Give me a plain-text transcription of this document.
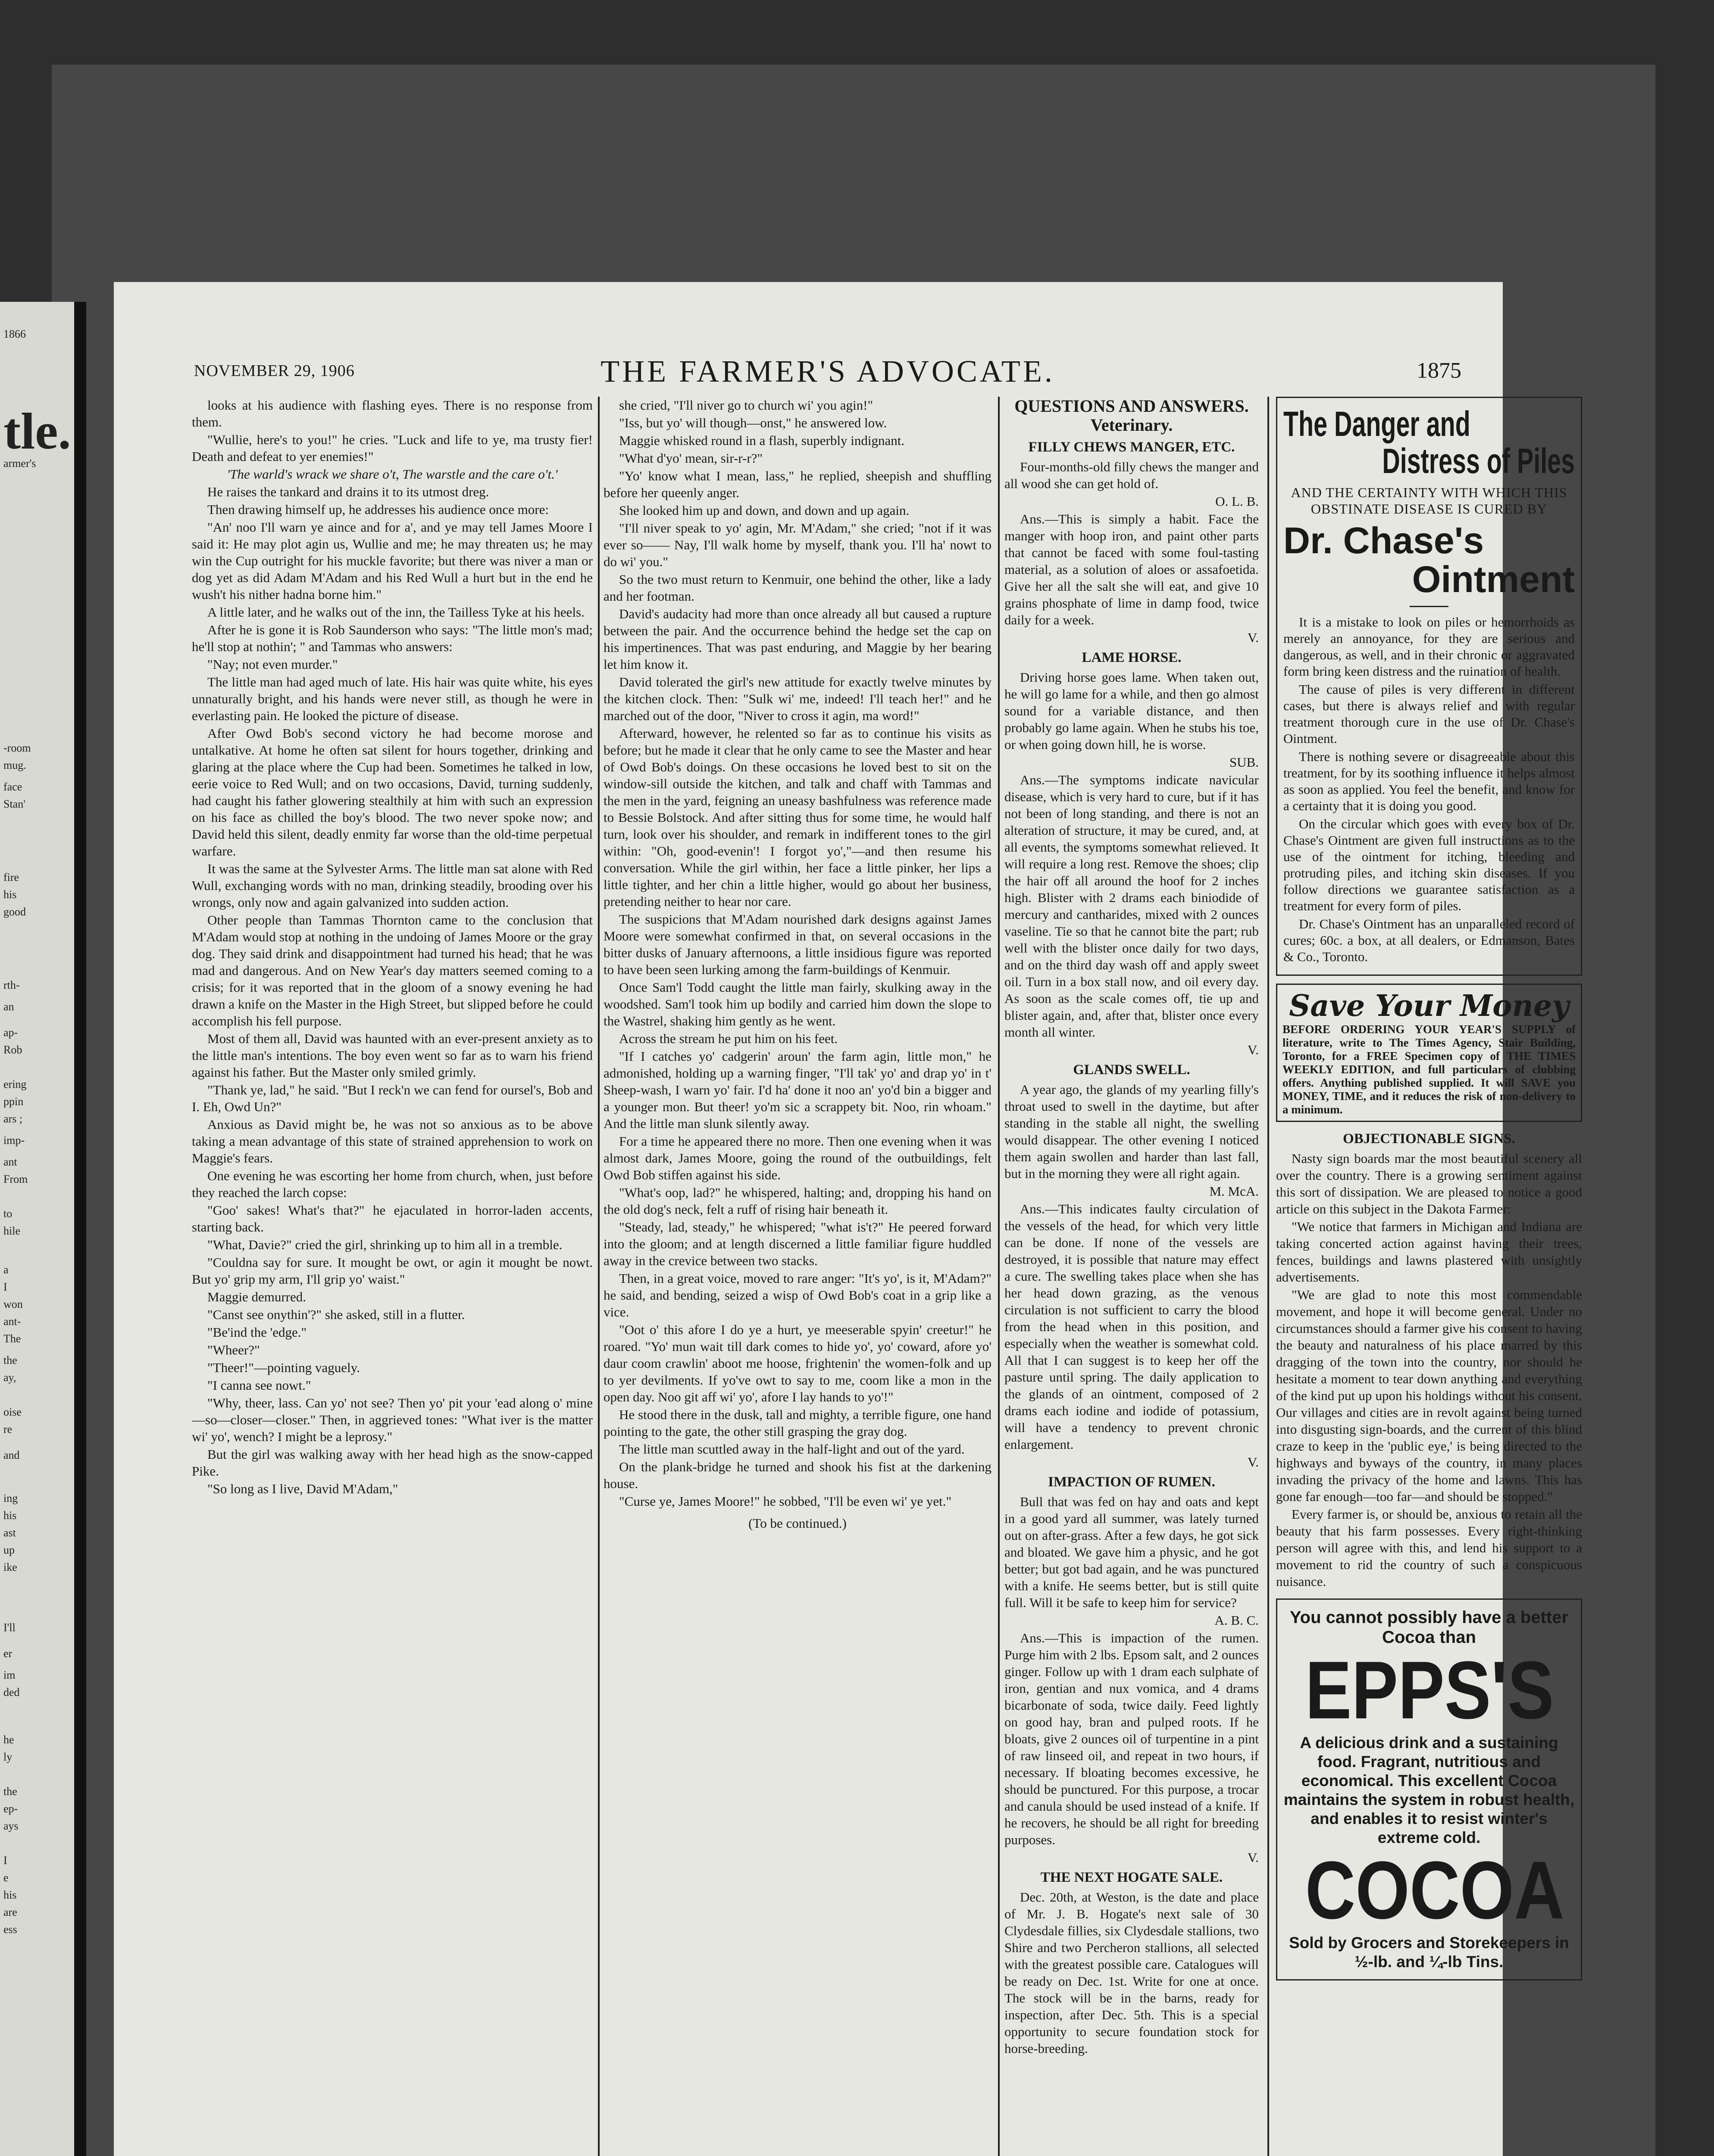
1866
tle.
armer's
-room
mug.
face
Stan'
fire
his
good
rth-
an
ap-
Rob
ering
ppin
ars ;
imp-
ant
From
to
hile
a
I
won
ant-
The
the
ay,
oise
re
and
ing
his
ast
up
ike
I'll
er
im
ded
he
ly
the
ep-
ays
I
e
his
are
ess
NOVEMBER 29, 1906	THE FARMER'S ADVOCATE.	1875

looks at his audience with flashing eyes. There is no response from them.

"Wullie, here's to you!" he cries. "Luck and life to ye, ma trusty fier! Death and defeat to yer enemies!"

'The warld's wrack we share o't, The warstle and the care o't.'

He raises the tankard and drains it to its utmost dreg.

Then drawing himself up, he addresses his audience once more:

"An' noo I'll warn ye aince and for a', and ye may tell James Moore I said it: He may plot agin us, Wullie and me; he may threaten us; he may win the Cup outright for his muckle favorite; but there was niver a man or dog yet as did Adam M'Adam and his Red Wull a hurt but in the end he wush't his nither hadna borne him."

A little later, and he walks out of the inn, the Tailless Tyke at his heels.

After he is gone it is Rob Saunderson who says: "The little mon's mad; he'll stop at nothin'; " and Tammas who answers:

"Nay; not even murder."

The little man had aged much of late. His hair was quite white, his eyes unnaturally bright, and his hands were never still, as though he were in everlasting pain. He looked the picture of disease.

After Owd Bob's second victory he had become morose and untalkative. At home he often sat silent for hours together, drinking and glaring at the place where the Cup had been. Sometimes he talked in low, eerie voice to Red Wull; and on two occasions, David, turning suddenly, had caught his father glowering stealthily at him with such an expression on his face as chilled the boy's blood. The two never spoke now; and David held this silent, deadly enmity far worse than the old-time perpetual warfare.

It was the same at the Sylvester Arms. The little man sat alone with Red Wull, exchanging words with no man, drinking steadily, brooding over his wrongs, only now and again galvanized into sudden action.

Other people than Tammas Thornton came to the conclusion that M'Adam would stop at nothing in the undoing of James Moore or the gray dog. They said drink and disappointment had turned his head; that he was mad and dangerous. And on New Year's day matters seemed coming to a crisis; for it was reported that in the gloom of a snowy evening he had drawn a knife on the Master in the High Street, but slipped before he could accomplish his fell purpose.

Most of them all, David was haunted with an ever-present anxiety as to the little man's intentions. The boy even went so far as to warn his friend against his father. But the Master only smiled grimly.

"Thank ye, lad," he said. "But I reck'n we can fend for oursel's, Bob and I. Eh, Owd Un?"

Anxious as David might be, he was not so anxious as to be above taking a mean advantage of this state of strained apprehension to work on Maggie's fears.

One evening he was escorting her home from church, when, just before they reached the larch copse:

"Goo' sakes! What's that?" he ejaculated in horror-laden accents, starting back.

"What, Davie?" cried the girl, shrinking up to him all in a tremble.

"Couldna say for sure. It mought be owt, or agin it mought be nowt. But yo' grip my arm, I'll grip yo' waist."

Maggie demurred.

"Canst see onythin'?" she asked, still in a flutter.

"Be'ind the 'edge."

"Wheer?"

"Theer!"—pointing vaguely.

"I canna see nowt."

"Why, theer, lass. Can yo' not see? Then yo' pit your 'ead along o' mine—so—closer—closer." Then, in aggrieved tones: "What iver is the matter wi' yo', wench? I might be a leprosy."

But the girl was walking away with her head high as the snow-capped Pike.

"So long as I live, David M'Adam,"

she cried, "I'll niver go to church wi' you agin!"

"Iss, but yo' will though—onst," he answered low.

Maggie whisked round in a flash, superbly indignant.

"What d'yo' mean, sir-r-r?"

"Yo' know what I mean, lass," he replied, sheepish and shuffling before her queenly anger.

She looked him up and down, and down and up again.

"I'll niver speak to yo' agin, Mr. M'Adam," she cried; "not if it was ever so—— Nay, I'll walk home by myself, thank you. I'll ha' nowt to do wi' you."

So the two must return to Kenmuir, one behind the other, like a lady and her footman.

David's audacity had more than once already all but caused a rupture between the pair. And the occurrence behind the hedge set the cap on his impertinences. That was past enduring, and Maggie by her bearing let him know it.

David tolerated the girl's new attitude for exactly twelve minutes by the kitchen clock. Then: "Sulk wi' me, indeed! I'll teach her!" and he marched out of the door, "Niver to cross it agin, ma word!"

Afterward, however, he relented so far as to continue his visits as before; but he made it clear that he only came to see the Master and hear of Owd Bob's doings. On these occasions he loved best to sit on the window-sill outside the kitchen, and talk and chaff with Tammas and the men in the yard, feigning an uneasy bashfulness was reference made to Bessie Bolstock. And after sitting thus for some time, he would half turn, look over his shoulder, and remark in indifferent tones to the girl within: "Oh, good-evenin'! I forgot yo',"—and then resume his conversation. While the girl within, her face a little pinker, her lips a little tighter, and her chin a little higher, would go about her business, pretending neither to hear nor care.

The suspicions that M'Adam nourished dark designs against James Moore were somewhat confirmed in that, on several occasions in the bitter dusks of January afternoons, a little insidious figure was reported to have been seen lurking among the farm-buildings of Kenmuir.

Once Sam'l Todd caught the little man fairly, skulking away in the woodshed. Sam'l took him up bodily and carried him down the slope to the Wastrel, shaking him gently as he went.

Across the stream he put him on his feet.

"If I catches yo' cadgerin' aroun' the farm agin, little mon," he admonished, holding up a warning finger, "I'll tak' yo' and drap yo' in t' Sheep-wash, I warn yo' fair. I'd ha' done it noo an' yo'd bin a bigger and a younger mon. But theer! yo'm sic a scrappety bit. Noo, rin whoam." And the little man slunk silently away.

For a time he appeared there no more. Then one evening when it was almost dark, James Moore, going the round of the outbuildings, felt Owd Bob stiffen against his side.

"What's oop, lad?" he whispered, halting; and, dropping his hand on the old dog's neck, felt a ruff of rising hair beneath it.

"Steady, lad, steady," he whispered; "what is't?" He peered forward into the gloom; and at length discerned a little familiar figure huddled away in the crevice between two stacks.

Then, in a great voice, moved to rare anger: "It's yo', is it, M'Adam?" he said, and bending, seized a wisp of Owd Bob's coat in a grip like a vice.

"Oot o' this afore I do ye a hurt, ye meeserable spyin' creetur!" he roared. "Yo' mun wait till dark comes to hide yo', yo' coward, afore yo' daur coom crawlin' aboot me hoose, frightenin' the women-folk and up to yer devilments. If yo've owt to say to me, coom like a mon in the open day. Noo git aff wi' yo', afore I lay hands to yo'!"

He stood there in the dusk, tall and mighty, a terrible figure, one hand pointing to the gate, the other still grasping the gray dog.

The little man scuttled away in the half-light and out of the yard.

On the plank-bridge he turned and shook his fist at the darkening house.

"Curse ye, James Moore!" he sobbed, "I'll be even wi' ye yet."

(To be continued.)

QUESTIONS AND ANSWERS. Veterinary.
FILLY CHEWS MANGER, ETC.

Four-months-old filly chews the manger and all wood she can get hold of.

O. L. B.

Ans.—This is simply a habit. Face the manger with hoop iron, and paint other parts that cannot be faced with some foul-tasting material, as a solution of aloes or assafoetida. Give her all the salt she will eat, and give 10 grains phosphate of lime in damp food, twice daily for a week.

V.

LAME HORSE.

Driving horse goes lame. When taken out, he will go lame for a while, and then go almost sound for a variable distance, and then probably go lame again. When he stubs his toe, or when going down hill, he is worse.

SUB.

Ans.—The symptoms indicate navicular disease, which is very hard to cure, but if it has not been of long standing, and there is not an alteration of structure, it may be cured, and, at all events, the symptoms somewhat relieved. It will require a long rest. Remove the shoes; clip the hair off all around the hoof for 2 inches high. Blister with 2 drams each biniodide of mercury and cantharides, mixed with 2 ounces vaseline. Tie so that he cannot bite the part; rub well with the blister once daily for two days, and on the third day wash off and apply sweet oil. Turn in a box stall now, and oil every day. As soon as the scale comes off, tie up and blister again, and, after that, blister once every month all winter.

V.

GLANDS SWELL.

A year ago, the glands of my yearling filly's throat used to swell in the daytime, but after standing in the stable all night, the swelling would disappear. The other evening I noticed them again swollen and harder than last fall, but in the morning they were all right again.

M. McA.

Ans.—This indicates faulty circulation of the vessels of the head, for which very little can be done. If none of the vessels are destroyed, it is possible that nature may effect a cure. The swelling takes place when she has her head down grazing, as the venous circulation is not sufficient to carry the blood from the head when in this position, and especially when the weather is somewhat cold. All that I can suggest is to keep her off the pasture until spring. The daily application to the glands of an ointment, composed of 2 drams each iodine and iodide of potassium, will have a tendency to prevent chronic enlargement.

V.

IMPACTION OF RUMEN.

Bull that was fed on hay and oats and kept in a good yard all summer, was lately turned out on after-grass. After a few days, he got sick and bloated. We gave him a physic, and he got better; but got bad again, and he was punctured with a knife. He seems better, but is still quite full. Will it be safe to keep him for service?

A. B. C.

Ans.—This is impaction of the rumen. Purge him with 2 lbs. Epsom salt, and 2 ounces ginger. Follow up with 1 dram each sulphate of iron, gentian and nux vomica, and 4 drams bicarbonate of soda, twice daily. Feed lightly on good hay, bran and pulped roots. If he bloats, give 2 ounces oil of turpentine in a pint of raw linseed oil, and repeat in two hours, if necessary. If bloating becomes excessive, he should be punctured. For this purpose, a trocar and canula should be used instead of a knife. If he recovers, he should be all right for breeding purposes.

V.

THE NEXT HOGATE SALE.

Dec. 20th, at Weston, is the date and place of Mr. J. B. Hogate's next sale of 30 Clydesdale fillies, six Clydesdale stallions, two Shire and two Percheron stallions, all selected with the greatest possible care. Catalogues will be ready on Dec. 1st. Write for one at once. The stock will be in the barns, ready for inspection, after Dec. 5th. This is a special opportunity to secure foundation stock for horse-breeding.

The Danger and
Distress of Piles
AND THE CERTAINTY WITH WHICH THIS OBSTINATE DISEASE IS CURED BY
Dr. Chase's
Ointment

It is a mistake to look on piles or hemorrhoids as merely an annoyance, for they are serious and dangerous, as well, and in their chronic or aggravated form bring keen distress and the ruination of health.

The cause of piles is very different in different cases, but there is always relief and with regular treatment thorough cure in the use of Dr. Chase's Ointment.

There is nothing severe or disagreeable about this treatment, for by its soothing influence it helps almost as soon as applied. You feel the benefit, and know for a certainty that it is doing you good.

On the circular which goes with every box of Dr. Chase's Ointment are given full instructions as to the use of the ointment for itching, bleeding and protruding piles, and itching skin diseases. If you follow directions we guarantee satisfaction as a treatment for every form of piles.

Dr. Chase's Ointment has an unparalleled record of cures; 60c. a box, at all dealers, or Edmanson, Bates & Co., Toronto.

Save Your Money
BEFORE ORDERING YOUR YEAR'S SUPPLY of literature, write to The Times Agency, Stair Building, Toronto, for a FREE Specimen copy of THE TIMES WEEKLY EDITION, and full particulars of clubbing offers. Anything published supplied. It will SAVE you MONEY, TIME, and it reduces the risk of non-delivery to a minimum.
OBJECTIONABLE SIGNS.

Nasty sign boards mar the most beautiful scenery all over the country. There is a growing sentiment against this sort of dissipation. We are pleased to notice a good article on this subject in the Dakota Farmer:

"We notice that farmers in Michigan and Indiana are taking concerted action against having their trees, fences, buildings and lawns plastered with unsightly advertisements.

"We are glad to note this most commendable movement, and hope it will become general. Under no circumstances should a farmer give his consent to having the beauty and naturalness of his place marred by this dragging of the town into the country, nor should he hesitate a moment to tear down anything and everything of the kind put up upon his holdings without his consent. Our villages and cities are in revolt against being turned into disgusting sign-boards, and the current of this blind craze to keep in the 'public eye,' is being directed to the highways and byways of the country, in many places invading the privacy of the home and lawns. This has gone far enough—too far—and should be stopped."

Every farmer is, or should be, anxious to retain all the beauty that his farm possesses. Every right-thinking person will agree with this, and lend his support to a movement to rid the country of such a conspicuous nuisance.

You cannot possibly have a better Cocoa than
EPPS'S
A delicious drink and a sustaining food. Fragrant, nutritious and economical. This excellent Cocoa maintains the system in robust health, and enables it to resist winter's extreme cold.
COCOA
Sold by Grocers and Storekeepers in ½-lb. and ¼-lb Tins.
